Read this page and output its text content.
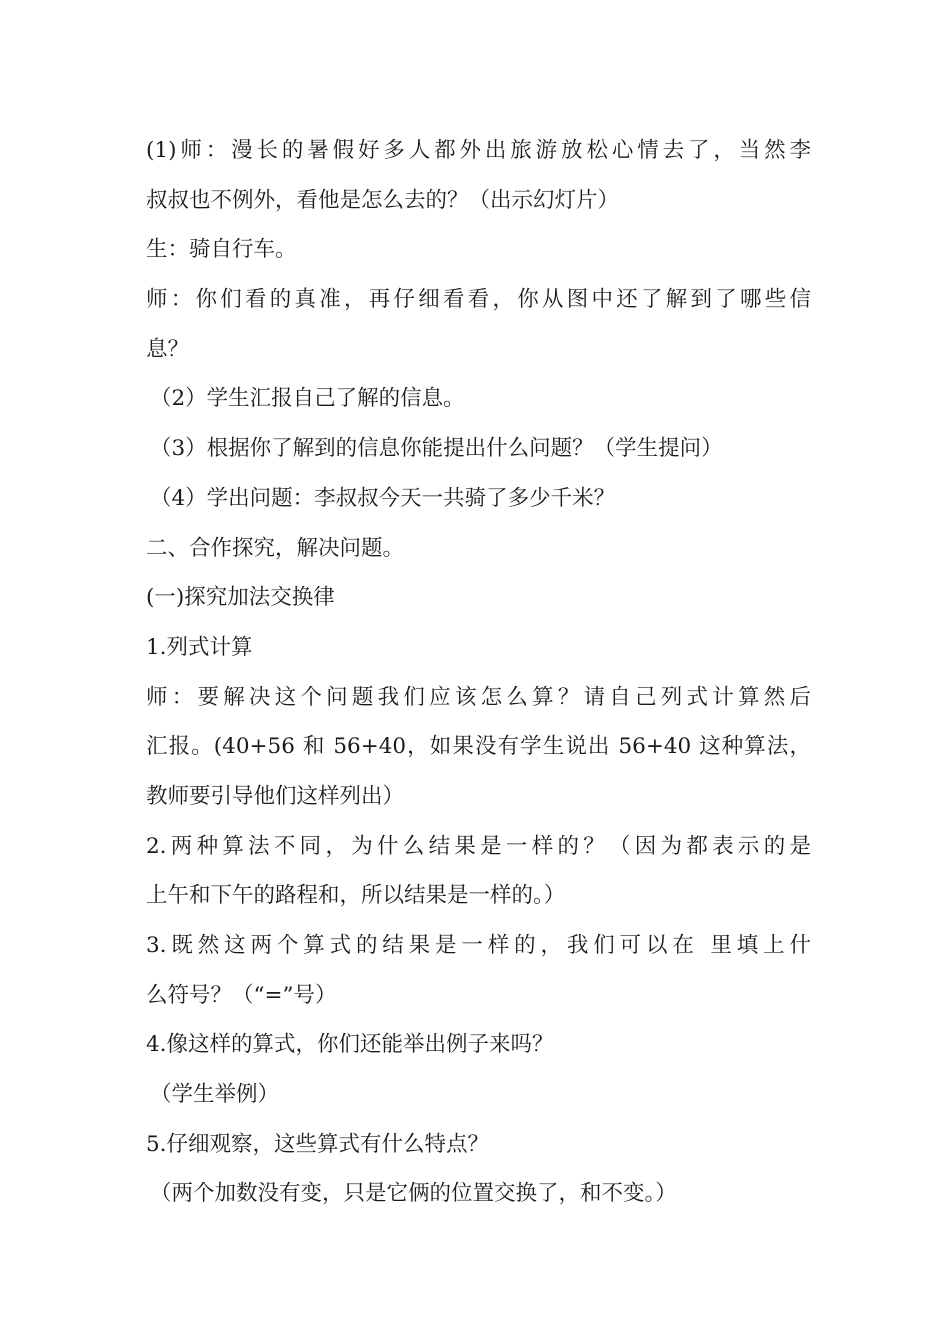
(1)师：漫长的暑假好多人都外出旅游放松心情去了，当然李

叔叔也不例外，看他是怎么去的？（出示幻灯片）

生：骑自行车。

师：你们看的真准，再仔细看看，你从图中还了解到了哪些信

息？

（2）学生汇报自己了解的信息。

（3）根据你了解到的信息你能提出什么问题？（学生提问）

（4）学出问题：李叔叔今天一共骑了多少千米？

二、合作探究，解决问题。

(一)探究加法交换律

1.列式计算

师：要解决这个问题我们应该怎么算？请自己列式计算然后

汇报。(40+56 和 56+40，如果没有学生说出 56+40 这种算法，

教师要引导他们这样列出）

2.两种算法不同，为什么结果是一样的？（因为都表示的是

上午和下午的路程和，所以结果是一样的。）

3.既然这两个算式的结果是一样的，我们可以在 里填上什

么符号？（“=”号）

4.像这样的算式，你们还能举出例子来吗？

（学生举例）

5.仔细观察，这些算式有什么特点？

（两个加数没有变，只是它俩的位置交换了，和不变。）
